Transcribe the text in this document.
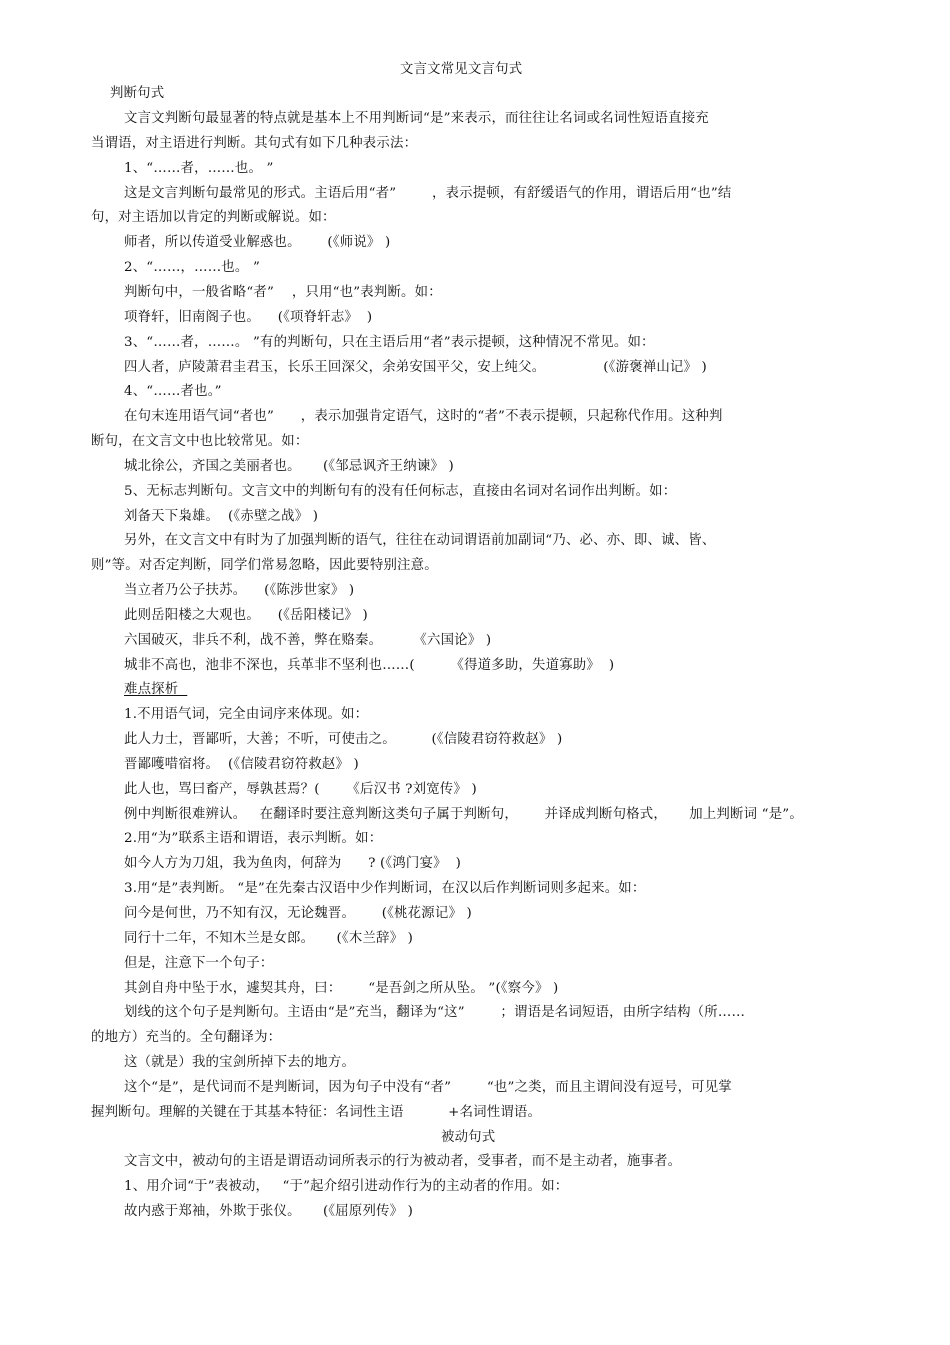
文言文常见文言句式
判断句式
文言文判断句最显著的特点就是基本上不用判断词“是”来表示，而往往让名词或名词性短语直接充
当谓语，对主语进行判断。其句式有如下几种表示法：
1、“……者，……也。 ”
这是文言判断句最常见的形式。主语后用“者”        ，表示提顿，有舒缓语气的作用，谓语后用“也”结
句，对主语加以肯定的判断或解说。如：
师者，所以传道受业解惑也。      (《师说》 )
2、“……，……也。 ”
判断句中，一般省略“者”    ，只用“也”表判断。如：
项脊轩，旧南阁子也。    (《项脊轩志》  )
3、“……者，……。 ”有的判断句，只在主语后用“者”表示提顿，这种情况不常见。如：
四人者，庐陵萧君圭君玉，长乐王回深父，余弟安国平父，安上纯父。             (《游褒禅山记》 )
4、“……者也。”
在句末连用语气词“者也”      ，表示加强肯定语气，这时的“者”不表示提顿，只起称代作用。这种判
断句，在文言文中也比较常见。如：
城北徐公，齐国之美丽者也。     (《邹忌讽齐王纳谏》 )
5、无标志判断句。文言文中的判断句有的没有任何标志，直接由名词对名词作出判断。如：
刘备天下枭雄。  (《赤壁之战》 )
另外，在文言文中有时为了加强判断的语气，往往在动词谓语前加副词“乃、必、亦、即、诚、皆、
则”等。对否定判断，同学们常易忽略，因此要特别注意。
当立者乃公子扶苏。    (《陈涉世家》 )
此则岳阳楼之大观也。    (《岳阳楼记》 )
六国破灭，非兵不利，战不善，弊在赂秦。       《六国论》 )
城非不高也，池非不深也，兵革非不坚利也……(        《得道多助，失道寡助》  )
难点探析
1.不用语气词，完全由词序来体现。如：
此人力士，晋鄙听，大善；不听，可使击之。        (《信陵君窃符救赵》 )
晋鄙嚄唶宿将。  (《信陵君窃符救赵》 )
此人也，骂曰畜产，辱孰甚焉？(      《后汉书 ?刘宽传》 )
例中判断很难辨认。   在翻译时要注意判断这类句子属于判断句，      并译成判断句格式，     加上判断词 “是”。
2.用“为”联系主语和谓语，表示判断。如：
如今人方为刀俎，我为鱼肉，何辞为      ? (《鸿门宴》  )
3.用“是”表判断。 “是”在先秦古汉语中少作判断词，在汉以后作判断词则多起来。如：
问今是何世，乃不知有汉，无论魏晋。      (《桃花源记》 )
同行十二年，不知木兰是女郎。     (《木兰辞》 )
但是，注意下一个句子：
其剑自舟中坠于水，遽契其舟，曰：      “是吾剑之所从坠。 ”(《察今》 )
划线的这个句子是判断句。主语由“是”充当，翻译为“这”        ；谓语是名词短语，由所字结构（所……
的地方）充当的。全句翻译为：
这（就是）我的宝剑所掉下去的地方。
这个“是”，是代词而不是判断词，因为句子中没有“者”        “也”之类，而且主谓间没有逗号，可见掌
握判断句。理解的关键在于其基本特征：名词性主语          +名词性谓语。
被动句式
文言文中，被动句的主语是谓语动词所表示的行为被动者，受事者，而不是主动者，施事者。
1、用介词“于”表被动，   “于”起介绍引进动作行为的主动者的作用。如：
故内惑于郑袖，外欺于张仪。     (《屈原列传》 )
